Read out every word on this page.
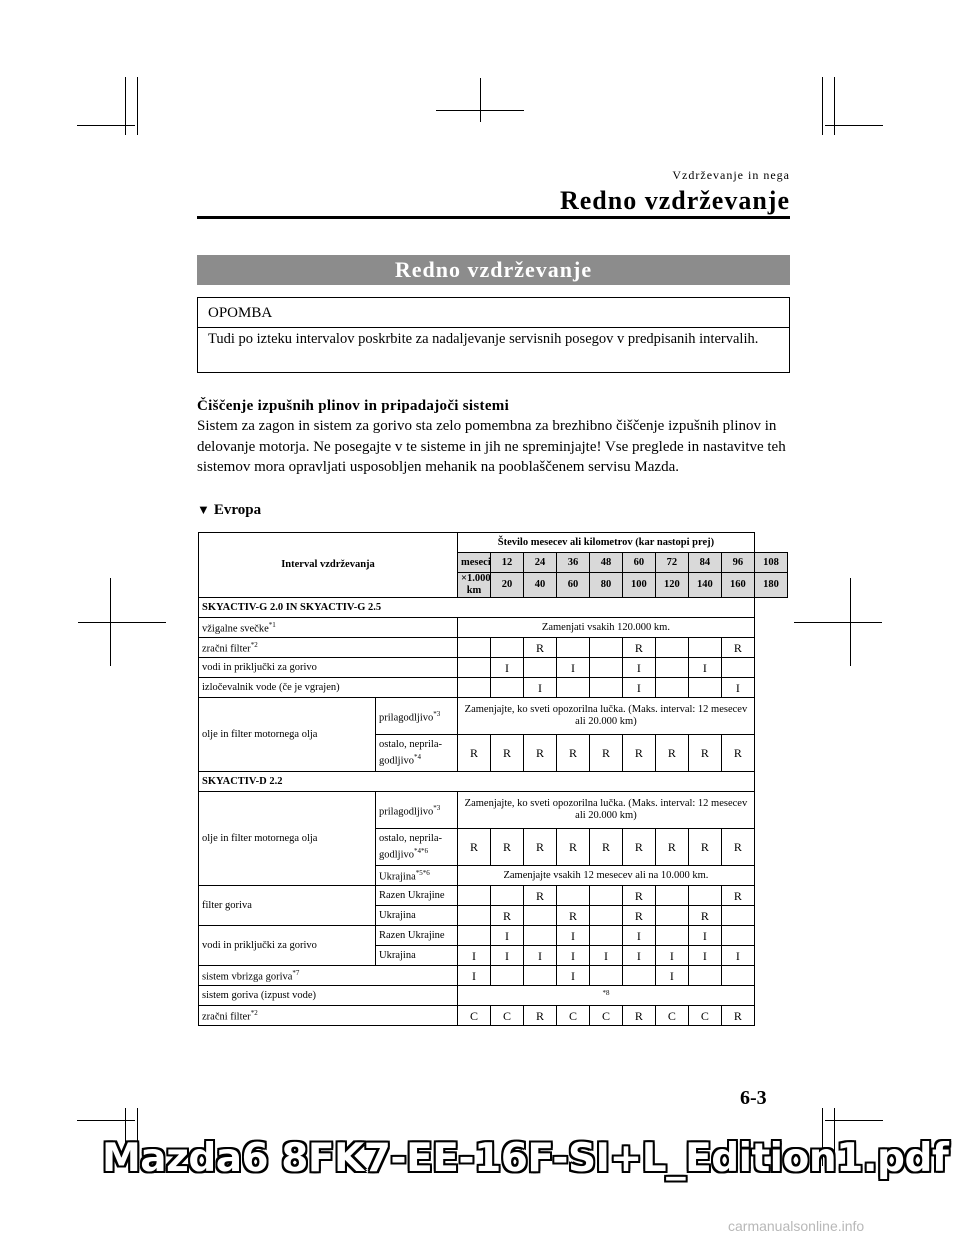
Vzdrževanje in nega
Redno vzdrževanje
Redno vzdrževanje
OPOMBA
Tudi po izteku intervalov poskrbite za nadaljevanje servisnih posegov v predpisanih intervalih.
Čiščenje izpušnih plinov in pripadajoči sistemi
Sistem za zagon in sistem za gorivo sta zelo pomembna za brezhibno čiščenje izpušnih plinov in delovanje motorja. Ne posegajte v te sisteme in jih ne spreminjajte! Vse preglede in nastavitve teh sistemov mora opravljati usposobljen mehanik na pooblaščenem servisu Mazda.
▼ Evropa
Interval vzdrževanja		Število mesecev ali kilometrov (kar nastopi prej)									
		meseci	12	24	36	48	60	72	84	96	108
		×1.000 km	20	40	60	80	100	120	140	160	180
SKYACTIV-G 2.0 IN SKYACTIV-G 2.5											
vžigalne svečke$^{*1}$		Zamenjati vsakih 120.000 km.									
zračni filter$^{*2}$				R			R			R	
vodi in priključki za gorivo			I		I		I		I		
izločevalnik vode (če je vgrajen)				I			I			I	
olje in filter motornega olja	prilagodljivo$^{*3}$	Zamenjajte, ko sveti opozorilna lučka. (Maks. interval: 12 mesecev ali 20.000 km)									
	ostalo, neprila-godljivo$^{*4}$	R	R	R	R	R	R	R	R	R	
SKYACTIV-D 2.2											
olje in filter motornega olja	prilagodljivo$^{*3}$	Zamenjajte, ko sveti opozorilna lučka. (Maks. interval: 12 mesecev ali 20.000 km)									
	ostalo, neprila-godljivo$^{*4*6}$	R	R	R	R	R	R	R	R	R	
	Ukrajina$^{*5*6}$	Zamenjajte vsakih 12 mesecev ali na 10.000 km.									
filter goriva	Razen Ukrajine			R			R			R	
	Ukrajina		R		R		R		R		
vodi in priključki za gorivo	Razen Ukrajine		I		I		I		I		
	Ukrajina	I	I	I	I	I	I	I	I	I	
sistem vbrizga goriva$^{*7}$		I			I			I			
sistem goriva (izpust vode)		$^{*8}$
zračni filter$^{*2}$		C	C	R	C	C	R	C	C	R	
6-3
Mazda6 8FK7-EE-16F-SI+L_Edition1.pdf
carmanualsonline.info
